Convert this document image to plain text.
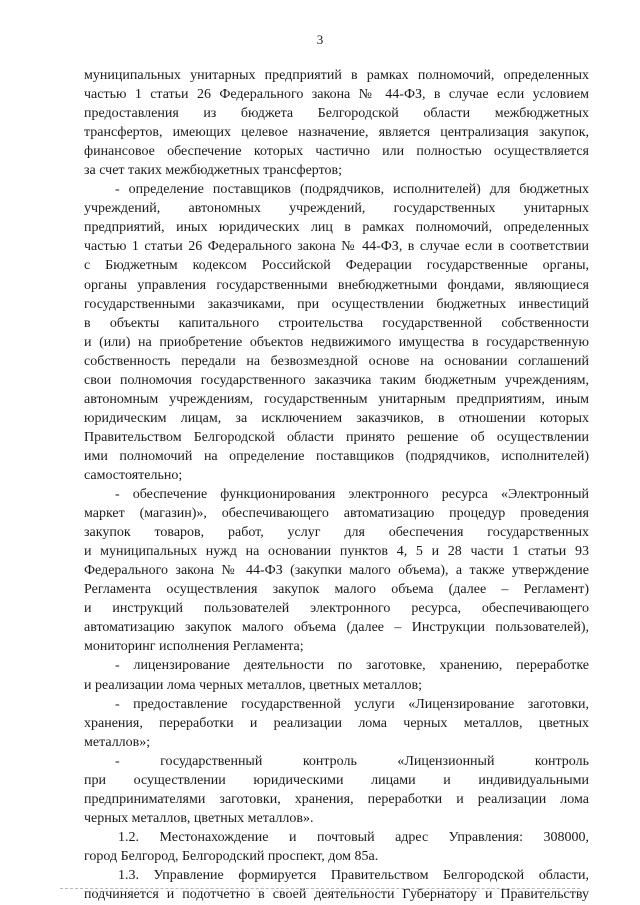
3
муниципальных унитарных предприятий в рамках полномочий, определенных
частью 1 статьи 26 Федерального закона № 44-ФЗ, в случае если условием
предоставления из бюджета Белгородской области межбюджетных
трансфертов, имеющих целевое назначение, является централизация закупок,
финансовое обеспечение которых частично или полностью осуществляется
за счет таких межбюджетных трансфертов;
- определение поставщиков (подрядчиков, исполнителей) для бюджетных
учреждений, автономных учреждений, государственных унитарных
предприятий, иных юридических лиц в рамках полномочий, определенных
частью 1 статьи 26 Федерального закона № 44-ФЗ, в случае если в соответствии
с Бюджетным кодексом Российской Федерации государственные органы,
органы управления государственными внебюджетными фондами, являющиеся
государственными заказчиками, при осуществлении бюджетных инвестиций
в объекты капитального строительства государственной собственности
и (или) на приобретение объектов недвижимого имущества в государственную
собственность передали на безвозмездной основе на основании соглашений
свои полномочия государственного заказчика таким бюджетным учреждениям,
автономным учреждениям, государственным унитарным предприятиям, иным
юридическим лицам, за исключением заказчиков, в отношении которых
Правительством Белгородской области принято решение об осуществлении
ими полномочий на определение поставщиков (подрядчиков, исполнителей)
самостоятельно;
- обеспечение функционирования электронного ресурса «Электронный
маркет (магазин)», обеспечивающего автоматизацию процедур проведения
закупок товаров, работ, услуг для обеспечения государственных
и муниципальных нужд на основании пунктов 4, 5 и 28 части 1 статьи 93
Федерального закона № 44-ФЗ (закупки малого объема), а также утверждение
Регламента осуществления закупок малого объема (далее – Регламент)
и инструкций пользователей электронного ресурса, обеспечивающего
автоматизацию закупок малого объема (далее – Инструкции пользователей),
мониторинг исполнения Регламента;
- лицензирование деятельности по заготовке, хранению, переработке
и реализации лома черных металлов, цветных металлов;
- предоставление государственной услуги «Лицензирование заготовки,
хранения, переработки и реализации лома черных металлов, цветных
металлов»;
- государственный контроль «Лицензионный контроль
при осуществлении юридическими лицами и индивидуальными
предпринимателями заготовки, хранения, переработки и реализации лома
черных металлов, цветных металлов».
1.2. Местонахождение и почтовый адрес Управления: 308000,
город Белгород, Белгородский проспект, дом 85а.
1.3. Управление формируется Правительством Белгородской области,
подчиняется и подотчетно в своей деятельности Губернатору и Правительству
